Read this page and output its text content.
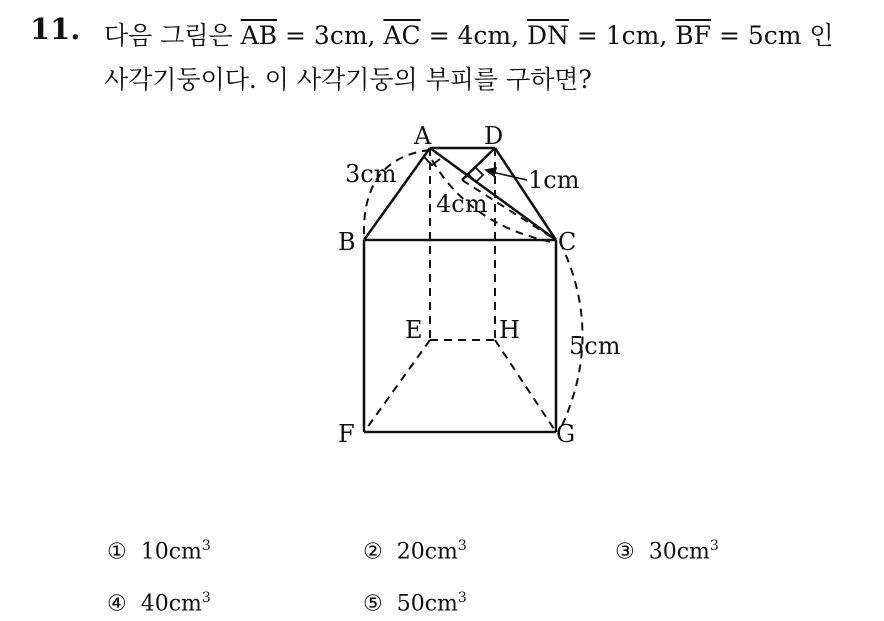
11. 다음 그림은 $\overline{AB} = 3cm$, $\overline{AC} = 4cm$, $\overline{DN} = 1cm$, $\overline{BF} = 5cm$ 인
사각기둥이다. 이 사각기둥의 부피를 구하면?
A D
B	C
E	H
F	G
3cm
4cm
1cm
5cm
① $10cm^3$	② $20cm^3$	③ $30cm^3$
④ $40cm^3$	⑤ $50cm^3$
